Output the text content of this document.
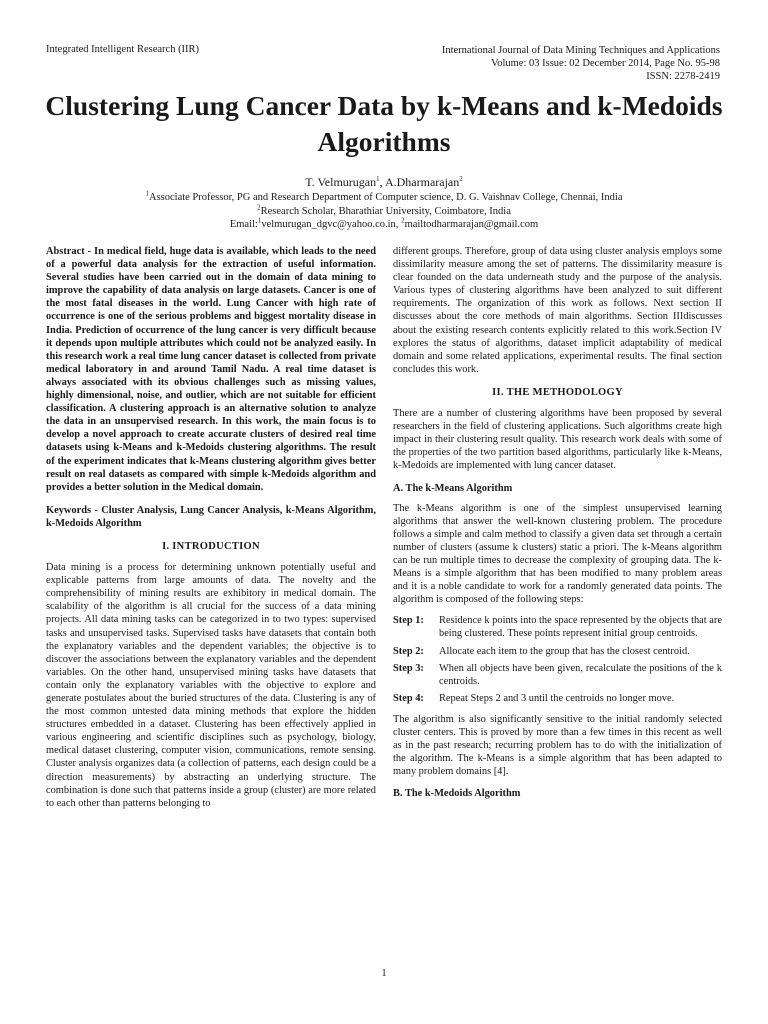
Integrated Intelligent Research (IIR)	International Journal of Data Mining Techniques and Applications
Volume: 03 Issue: 02 December 2014, Page No. 95-98
ISSN: 2278-2419
Clustering Lung Cancer Data by k-Means and k-Medoids Algorithms
T. Velmurugan$^1$, A.Dharmarajan$^2$
$^1$Associate Professor, PG and Research Department of Computer science, D. G. Vaishnav College, Chennai, India
$^2$Research Scholar, Bharathiar University, Coimbatore, India
Email:$^1$velmurugan_dgvc@yahoo.co.in, $^2$mailtodharmarajan@gmail.com

Abstract - In medical field, huge data is available, which leads to the need of a powerful data analysis for the extraction of useful information. Several studies have been carried out in the domain of data mining to improve the capability of data analysis on large datasets. Cancer is one of the most fatal diseases in the world. Lung Cancer with high rate of occurrence is one of the serious problems and biggest mortality disease in India. Prediction of occurrence of the lung cancer is very difficult because it depends upon multiple attributes which could not be analyzed easily. In this research work a real time lung cancer dataset is collected from private medical laboratory in and around Tamil Nadu. A real time dataset is always associated with its obvious challenges such as missing values, highly dimensional, noise, and outlier, which are not suitable for efficient classification. A clustering approach is an alternative solution to analyze the data in an unsupervised research. In this work, the main focus is to develop a novel approach to create accurate clusters of desired real time datasets using k-Means and k-Medoids clustering algorithms. The result of the experiment indicates that k-Means clustering algorithm gives better result on real datasets as compared with simple k-Medoids algorithm and provides a better solution in the Medical domain.

Keywords - Cluster Analysis, Lung Cancer Analysis, k-Means Algorithm, k-Medoids Algorithm

I. INTRODUCTION

Data mining is a process for determining unknown potentially useful and explicable patterns from large amounts of data. The novelty and the comprehensibility of mining results are exhibitory in medical domain. The scalability of the algorithm is all crucial for the success of a data mining projects. All data mining tasks can be categorized in to two types: supervised tasks and unsupervised tasks. Supervised tasks have datasets that contain both the explanatory variables and the dependent variables; the objective is to discover the associations between the explanatory variables and the dependent variables. On the other hand, unsupervised mining tasks have datasets that contain only the explanatory variables with the objective to explore and generate postulates about the buried structures of the data. Clustering is any of the most common untested data mining methods that explore the hidden structures embedded in a dataset. Clustering has been effectively applied in various engineering and scientific disciplines such as psychology, biology, medical dataset clustering, computer vision, communications, remote sensing. Cluster analysis organizes data (a collection of patterns, each design could be a direction measurements) by abstracting an underlying structure. The combination is done such that patterns inside a group (cluster) are more related to each other than patterns belonging to

different groups. Therefore, group of data using cluster analysis employs some dissimilarity measure among the set of patterns. The dissimilarity measure is clear founded on the data underneath study and the purpose of the analysis. Various types of clustering algorithms have been analyzed to suit different requirements. The organization of this work as follows. Next section II discusses about the core methods of main algorithms. Section IIIdiscusses about the existing research contents explicitly related to this work.Section IV explores the status of algorithms, dataset implicit adaptability of medical domain and some related applications, experimental results. The final section concludes this work.

II. THE METHODOLOGY

There are a number of clustering algorithms have been proposed by several researchers in the field of clustering applications. Such algorithms create high impact in their clustering result quality. This research work deals with some of the properties of the two partition based algorithms, particularly like k-Means, k-Medoids are implemented with lung cancer dataset.

A. The k-Means Algorithm

The k-Means algorithm is one of the simplest unsupervised learning algorithms that answer the well-known clustering problem. The procedure follows a simple and calm method to classify a given data set through a certain number of clusters (assume k clusters) static a priori. The k-Means algorithm can be run multiple times to decrease the complexity of grouping data. The k-Means is a simple algorithm that has been modified to many problem areas and it is a noble candidate to work for a randomly generated data points. The algorithm is composed of the following steps:

Step 1:	Residence k points into the space represented by the objects that are being clustered. These points represent initial group centroids.
Step 2:	Allocate each item to the group that has the closest centroid.
Step 3:	When all objects have been given, recalculate the positions of the k centroids.
Step 4:	Repeat Steps 2 and 3 until the centroids no longer move.

The algorithm is also significantly sensitive to the initial randomly selected cluster centers. This is proved by more than a few times in this recent as well as in the past research; recurring problem has to do with the initialization of the algorithm. The k-Means is a simple algorithm that has been adapted to many problem domains [4].

B. The k-Medoids Algorithm
1
